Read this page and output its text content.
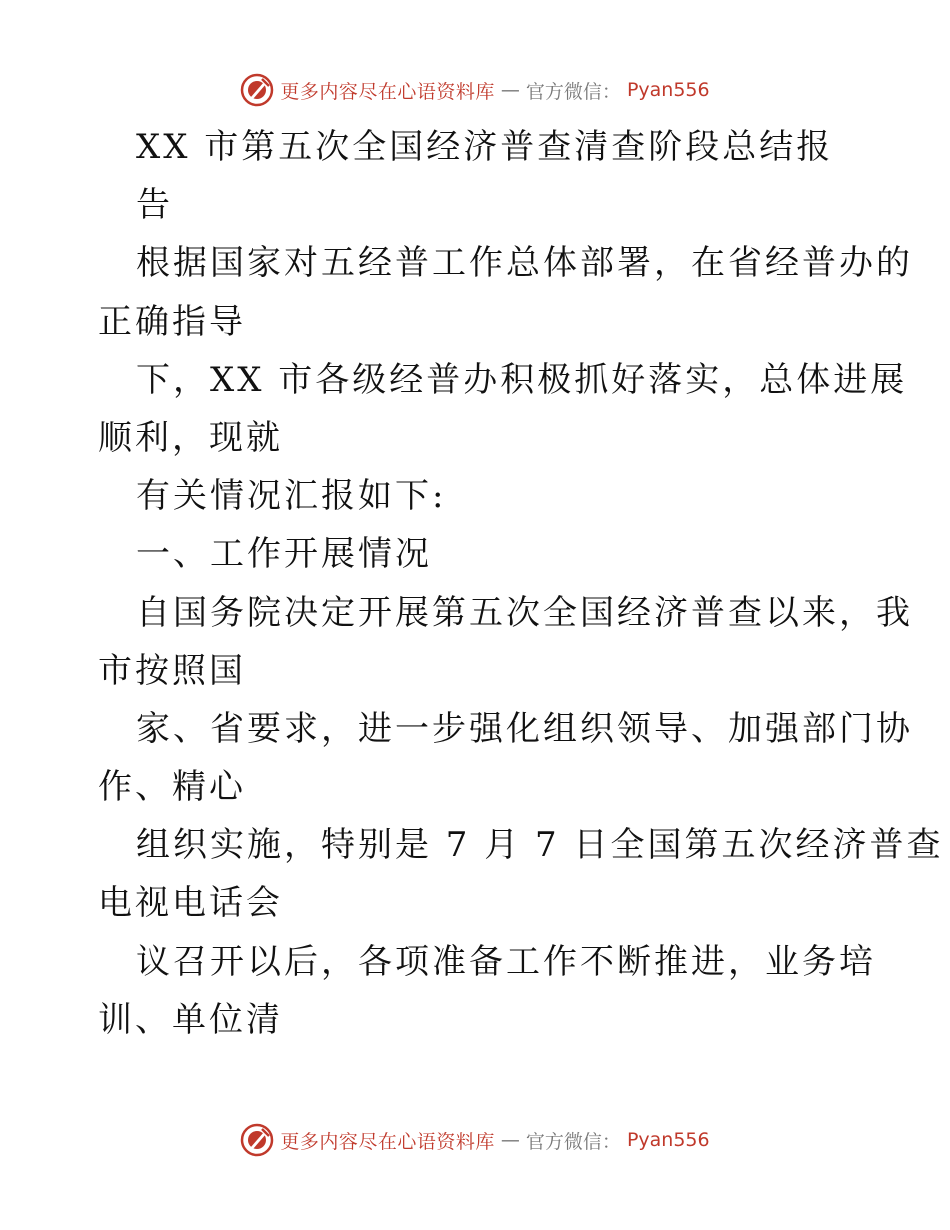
更多内容尽在心语资料库 — 官方微信： Pyan556
XX 市第五次全国经济普查清查阶段总结报
告
根据国家对五经普工作总体部署，在省经普办的
正确指导
下，XX 市各级经普办积极抓好落实，总体进展
顺利，现就
有关情况汇报如下:
一、工作开展情况
自国务院决定开展第五次全国经济普查以来，我
市按照国
家、省要求，进一步强化组织领导、加强部门协
作、精心
组织实施，特别是 7 月 7 日全国第五次经济普查
电视电话会
议召开以后，各项准备工作不断推进，业务培
训、单位清
更多内容尽在心语资料库 — 官方微信： Pyan556
